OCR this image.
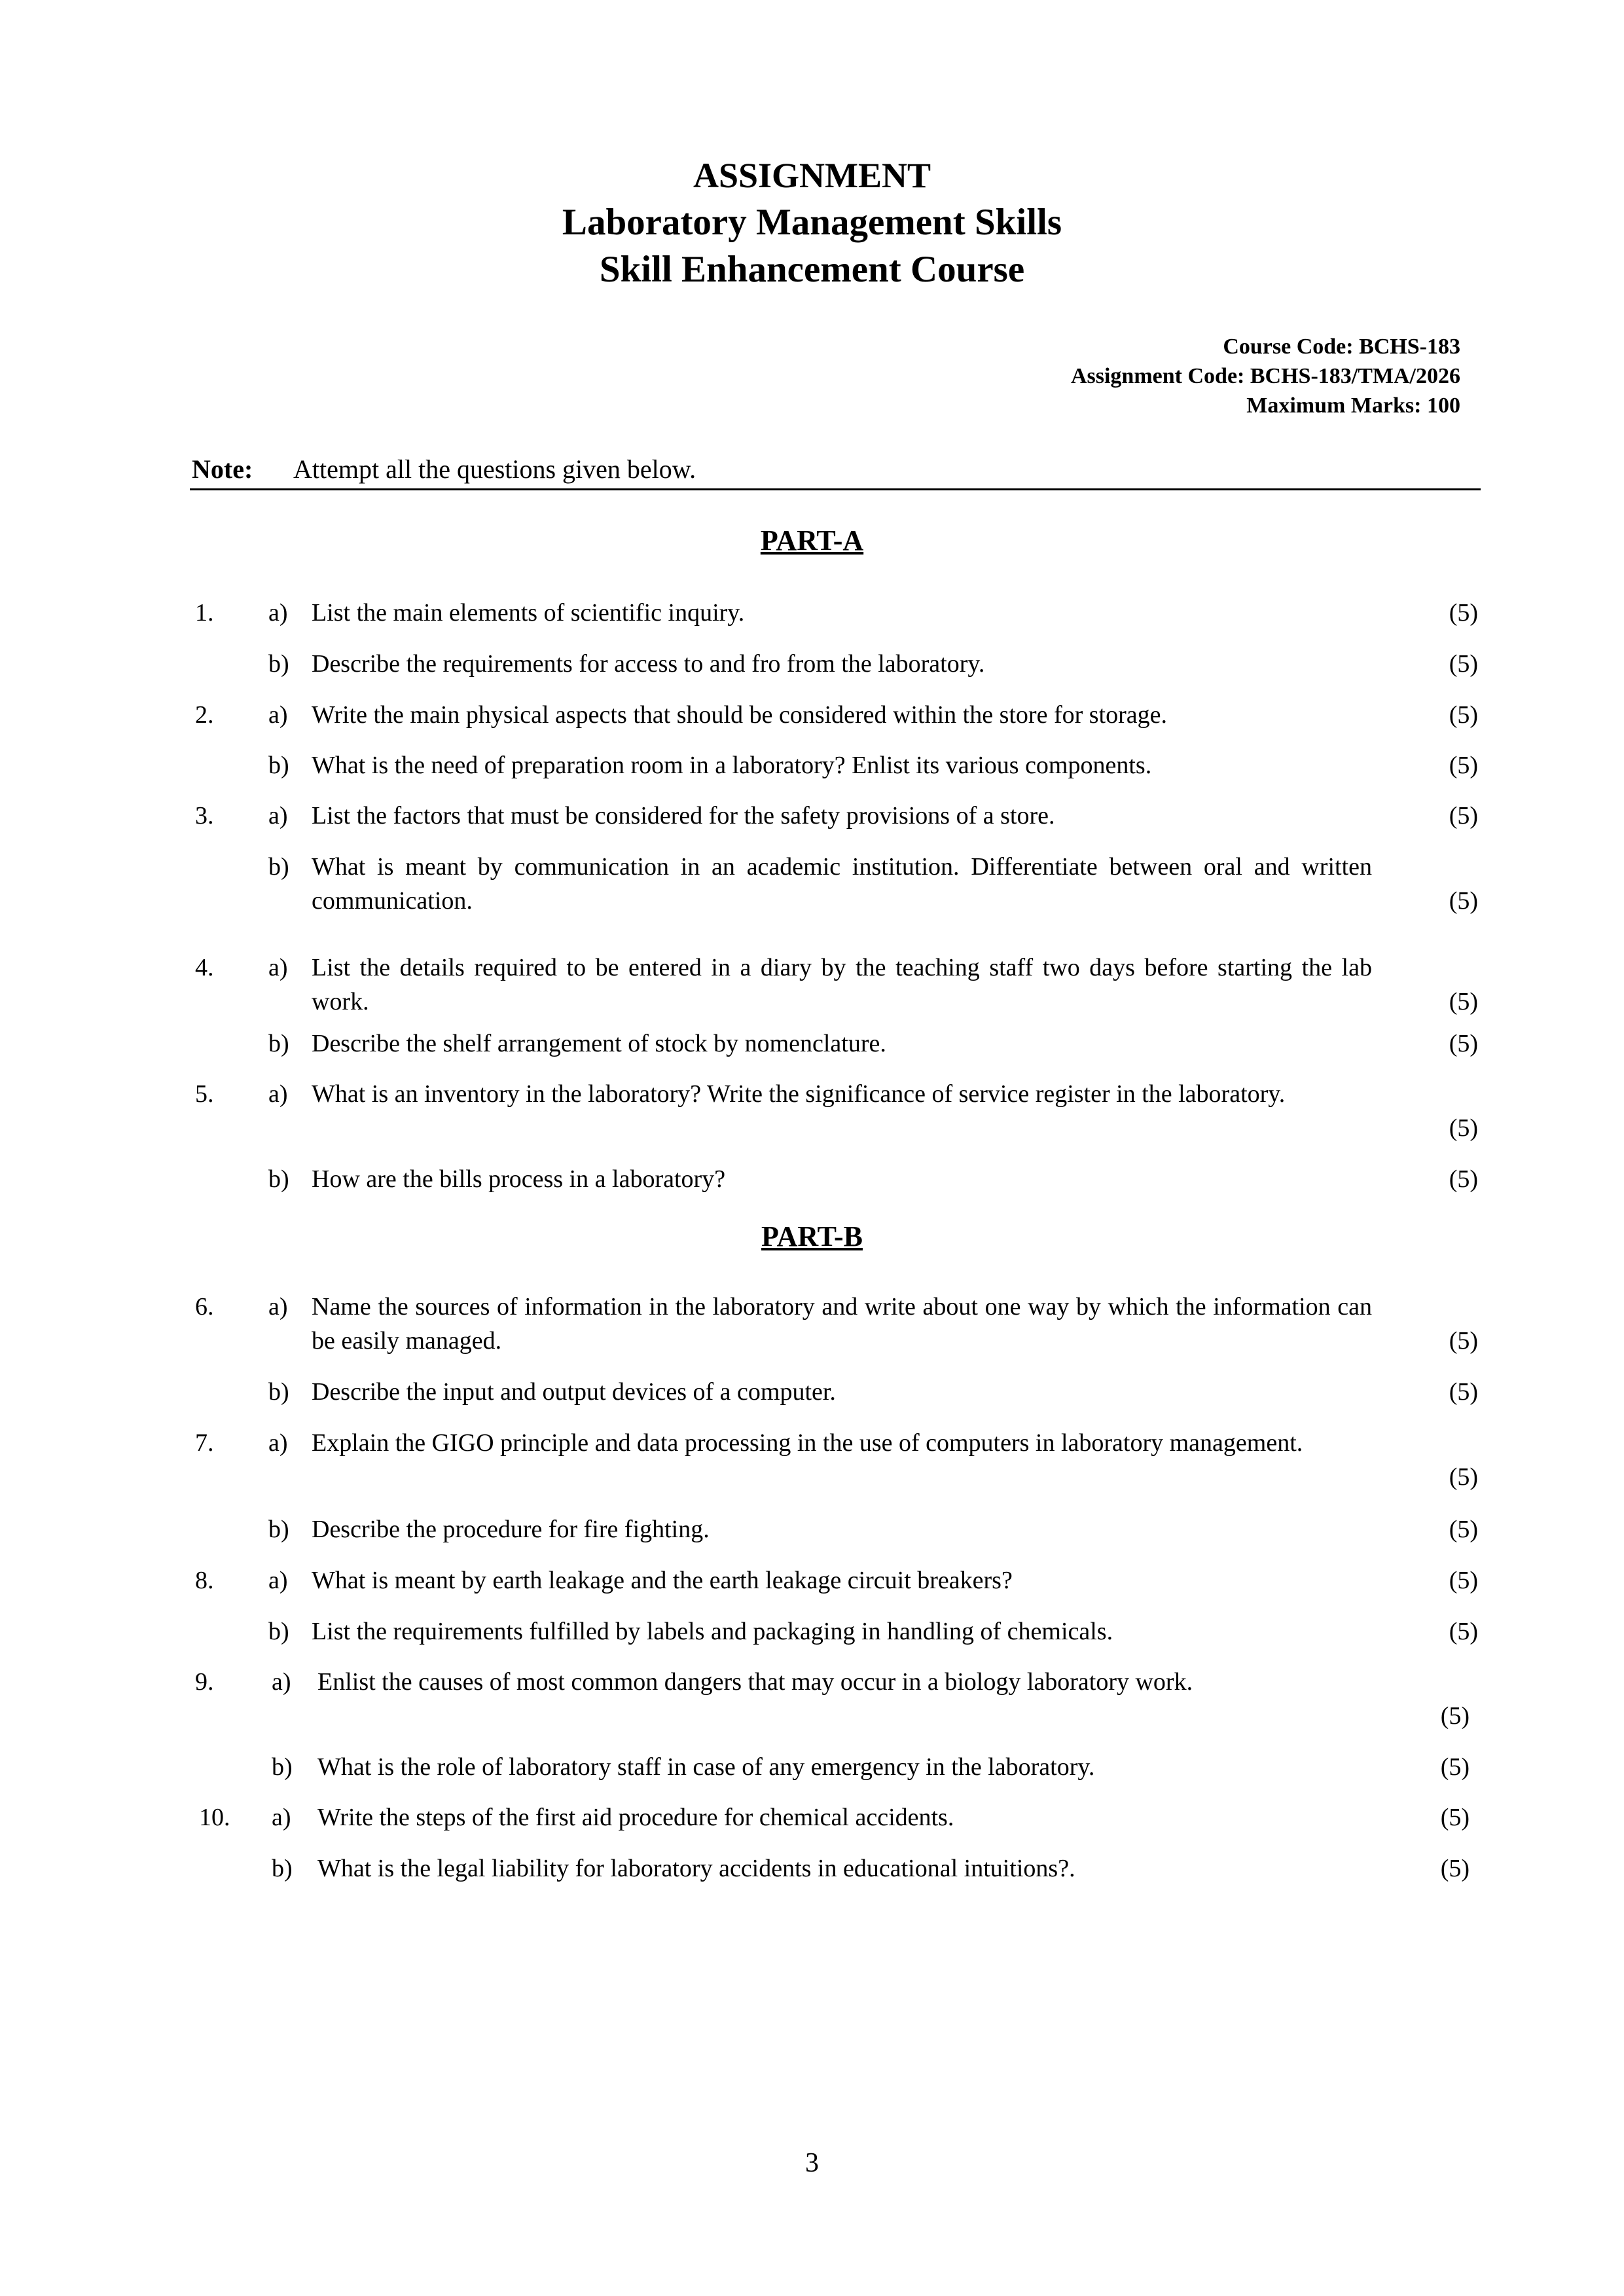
ASSIGNMENT
Laboratory Management Skills
Skill Enhancement Course
Course Code: BCHS-183
Assignment Code: BCHS-183/TMA/2026
Maximum Marks: 100
Note: Attempt all the questions given below.
PART-A
PART-B
1.	a) List the main elements of scientific inquiry.	(5)
b) Describe the requirements for access to and fro from the laboratory.	(5)
2.	a) Write the main physical aspects that should be considered within the store for storage.	(5)
b) What is the need of preparation room in a laboratory? Enlist its various components.	(5)
3.	a) List the factors that must be considered for the safety provisions of a store.	(5)
b) What is meant by communication in an academic institution. Differentiate between oral and written communication.	(5)
4.	a) List the details required to be entered in a diary by the teaching staff two days before starting the lab work.	(5)
b) Describe the shelf arrangement of stock by nomenclature.	(5)
5.	a) What is an inventory in the laboratory? Write the significance of service register in the laboratory.
(5)
b) How are the bills process in a laboratory?	(5)
6.	a) Name the sources of information in the laboratory and write about one way by which the information can be easily managed.	(5)
b) Describe the input and output devices of a computer.	(5)
7.	a) Explain the GIGO principle and data processing in the use of computers in laboratory management.
(5)
b) Describe the procedure for fire fighting.	(5)
8.	a) What is meant by earth leakage and the earth leakage circuit breakers?	(5)
b) List the requirements fulfilled by labels and packaging in handling of chemicals.	(5)
9.	a)	Enlist the causes of most common dangers that may occur in a biology laboratory work.
(5)
b)	What is the role of laboratory staff in case of any emergency in the laboratory.	(5)
10.	a)	Write the steps of the first aid procedure for chemical accidents.	(5)
b)	What is the legal liability for laboratory accidents in educational intuitions?.	(5)
3
